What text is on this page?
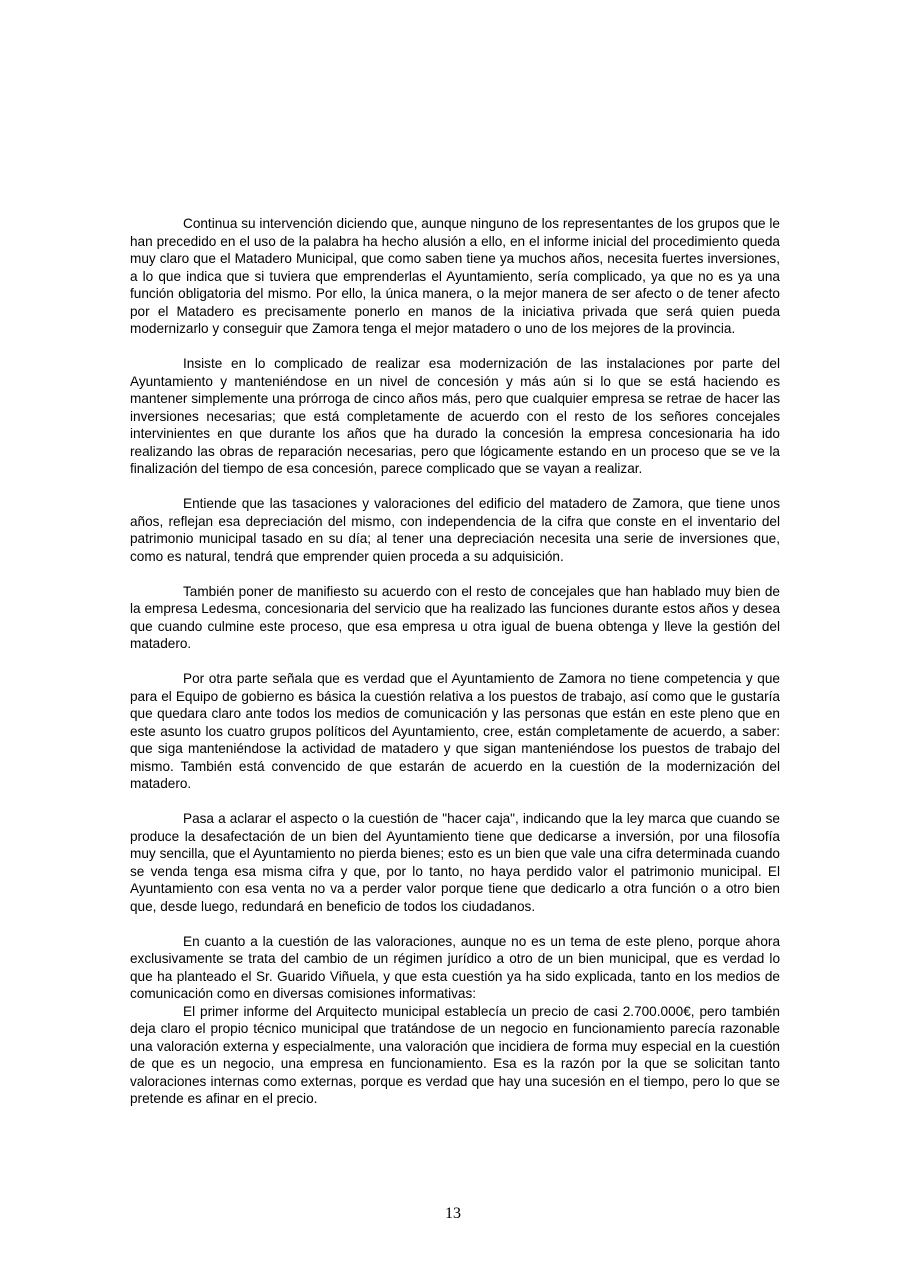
Continua su intervención diciendo que, aunque ninguno de los representantes de los grupos que le han precedido en el uso de la palabra ha hecho alusión a ello, en el informe inicial del procedimiento queda muy claro que el Matadero Municipal, que como saben tiene ya muchos años, necesita fuertes inversiones, a lo que indica que si tuviera que emprenderlas el Ayuntamiento, sería complicado, ya que no es ya una función obligatoria del mismo. Por ello, la única manera, o la mejor manera de ser afecto o de tener afecto por el Matadero es precisamente ponerlo en manos de la iniciativa privada que será quien pueda modernizarlo y conseguir que Zamora tenga el mejor matadero o uno de los mejores de la provincia.

Insiste en lo complicado de realizar esa modernización de las instalaciones por parte del Ayuntamiento y manteniéndose en un nivel de concesión y más aún si lo que se está haciendo es mantener simplemente una prórroga de cinco años más, pero que cualquier empresa se retrae de hacer las inversiones necesarias; que está completamente de acuerdo con el resto de los señores concejales intervinientes en que durante los años que ha durado la concesión la empresa concesionaria ha ido realizando las obras de reparación necesarias, pero que lógicamente estando en un proceso que se ve la finalización del tiempo de esa concesión, parece complicado que se vayan a realizar.

Entiende que las tasaciones y valoraciones del edificio del matadero de Zamora, que tiene unos años, reflejan esa depreciación del mismo, con independencia de la cifra que conste en el inventario del patrimonio municipal tasado en su día; al tener una depreciación necesita una serie de inversiones que, como es natural, tendrá que emprender quien proceda a su adquisición.

También poner de manifiesto su acuerdo con el resto de concejales que han hablado muy bien de la empresa Ledesma, concesionaria del servicio que ha realizado las funciones durante estos años y desea que cuando culmine este proceso, que esa empresa u otra igual de buena obtenga y lleve la gestión del matadero.

Por otra parte señala que es verdad que el Ayuntamiento de Zamora no tiene competencia y que para el Equipo de gobierno es básica la cuestión relativa a los puestos de trabajo, así como que le gustaría que quedara claro ante todos los medios de comunicación y las personas que están en este pleno que en este asunto los cuatro grupos políticos del Ayuntamiento, cree, están completamente de acuerdo, a saber: que siga manteniéndose la actividad de matadero y que sigan manteniéndose los puestos de trabajo del mismo. También está convencido de que estarán de acuerdo en la cuestión de la modernización del matadero.

Pasa a aclarar el aspecto o la cuestión de "hacer caja", indicando que la ley marca que cuando se produce la desafectación de un bien del Ayuntamiento tiene que dedicarse a inversión, por una filosofía muy sencilla, que el Ayuntamiento no pierda bienes; esto es un bien que vale una cifra determinada cuando se venda tenga esa misma cifra y que, por lo tanto, no haya perdido valor el patrimonio municipal. El Ayuntamiento con esa venta no va a perder valor porque tiene que dedicarlo a otra función o a otro bien que, desde luego, redundará en beneficio de todos los ciudadanos.

En cuanto a la cuestión de las valoraciones, aunque no es un tema de este pleno, porque ahora exclusivamente se trata del cambio de un régimen jurídico a otro de un bien municipal, que es verdad lo que ha planteado el Sr. Guarido Viñuela, y que esta cuestión ya ha sido explicada, tanto en los medios de comunicación como en diversas comisiones informativas:

El primer informe del Arquitecto municipal establecía un precio de casi 2.700.000€, pero también deja claro el propio técnico municipal que tratándose de un negocio en funcionamiento parecía razonable una valoración externa y especialmente, una valoración que incidiera de forma muy especial en la cuestión de que es un negocio, una empresa en funcionamiento. Esa es la razón por la que se solicitan tanto valoraciones internas como externas, porque es verdad que hay una sucesión en el tiempo, pero lo que se pretende es afinar en el precio.

13
